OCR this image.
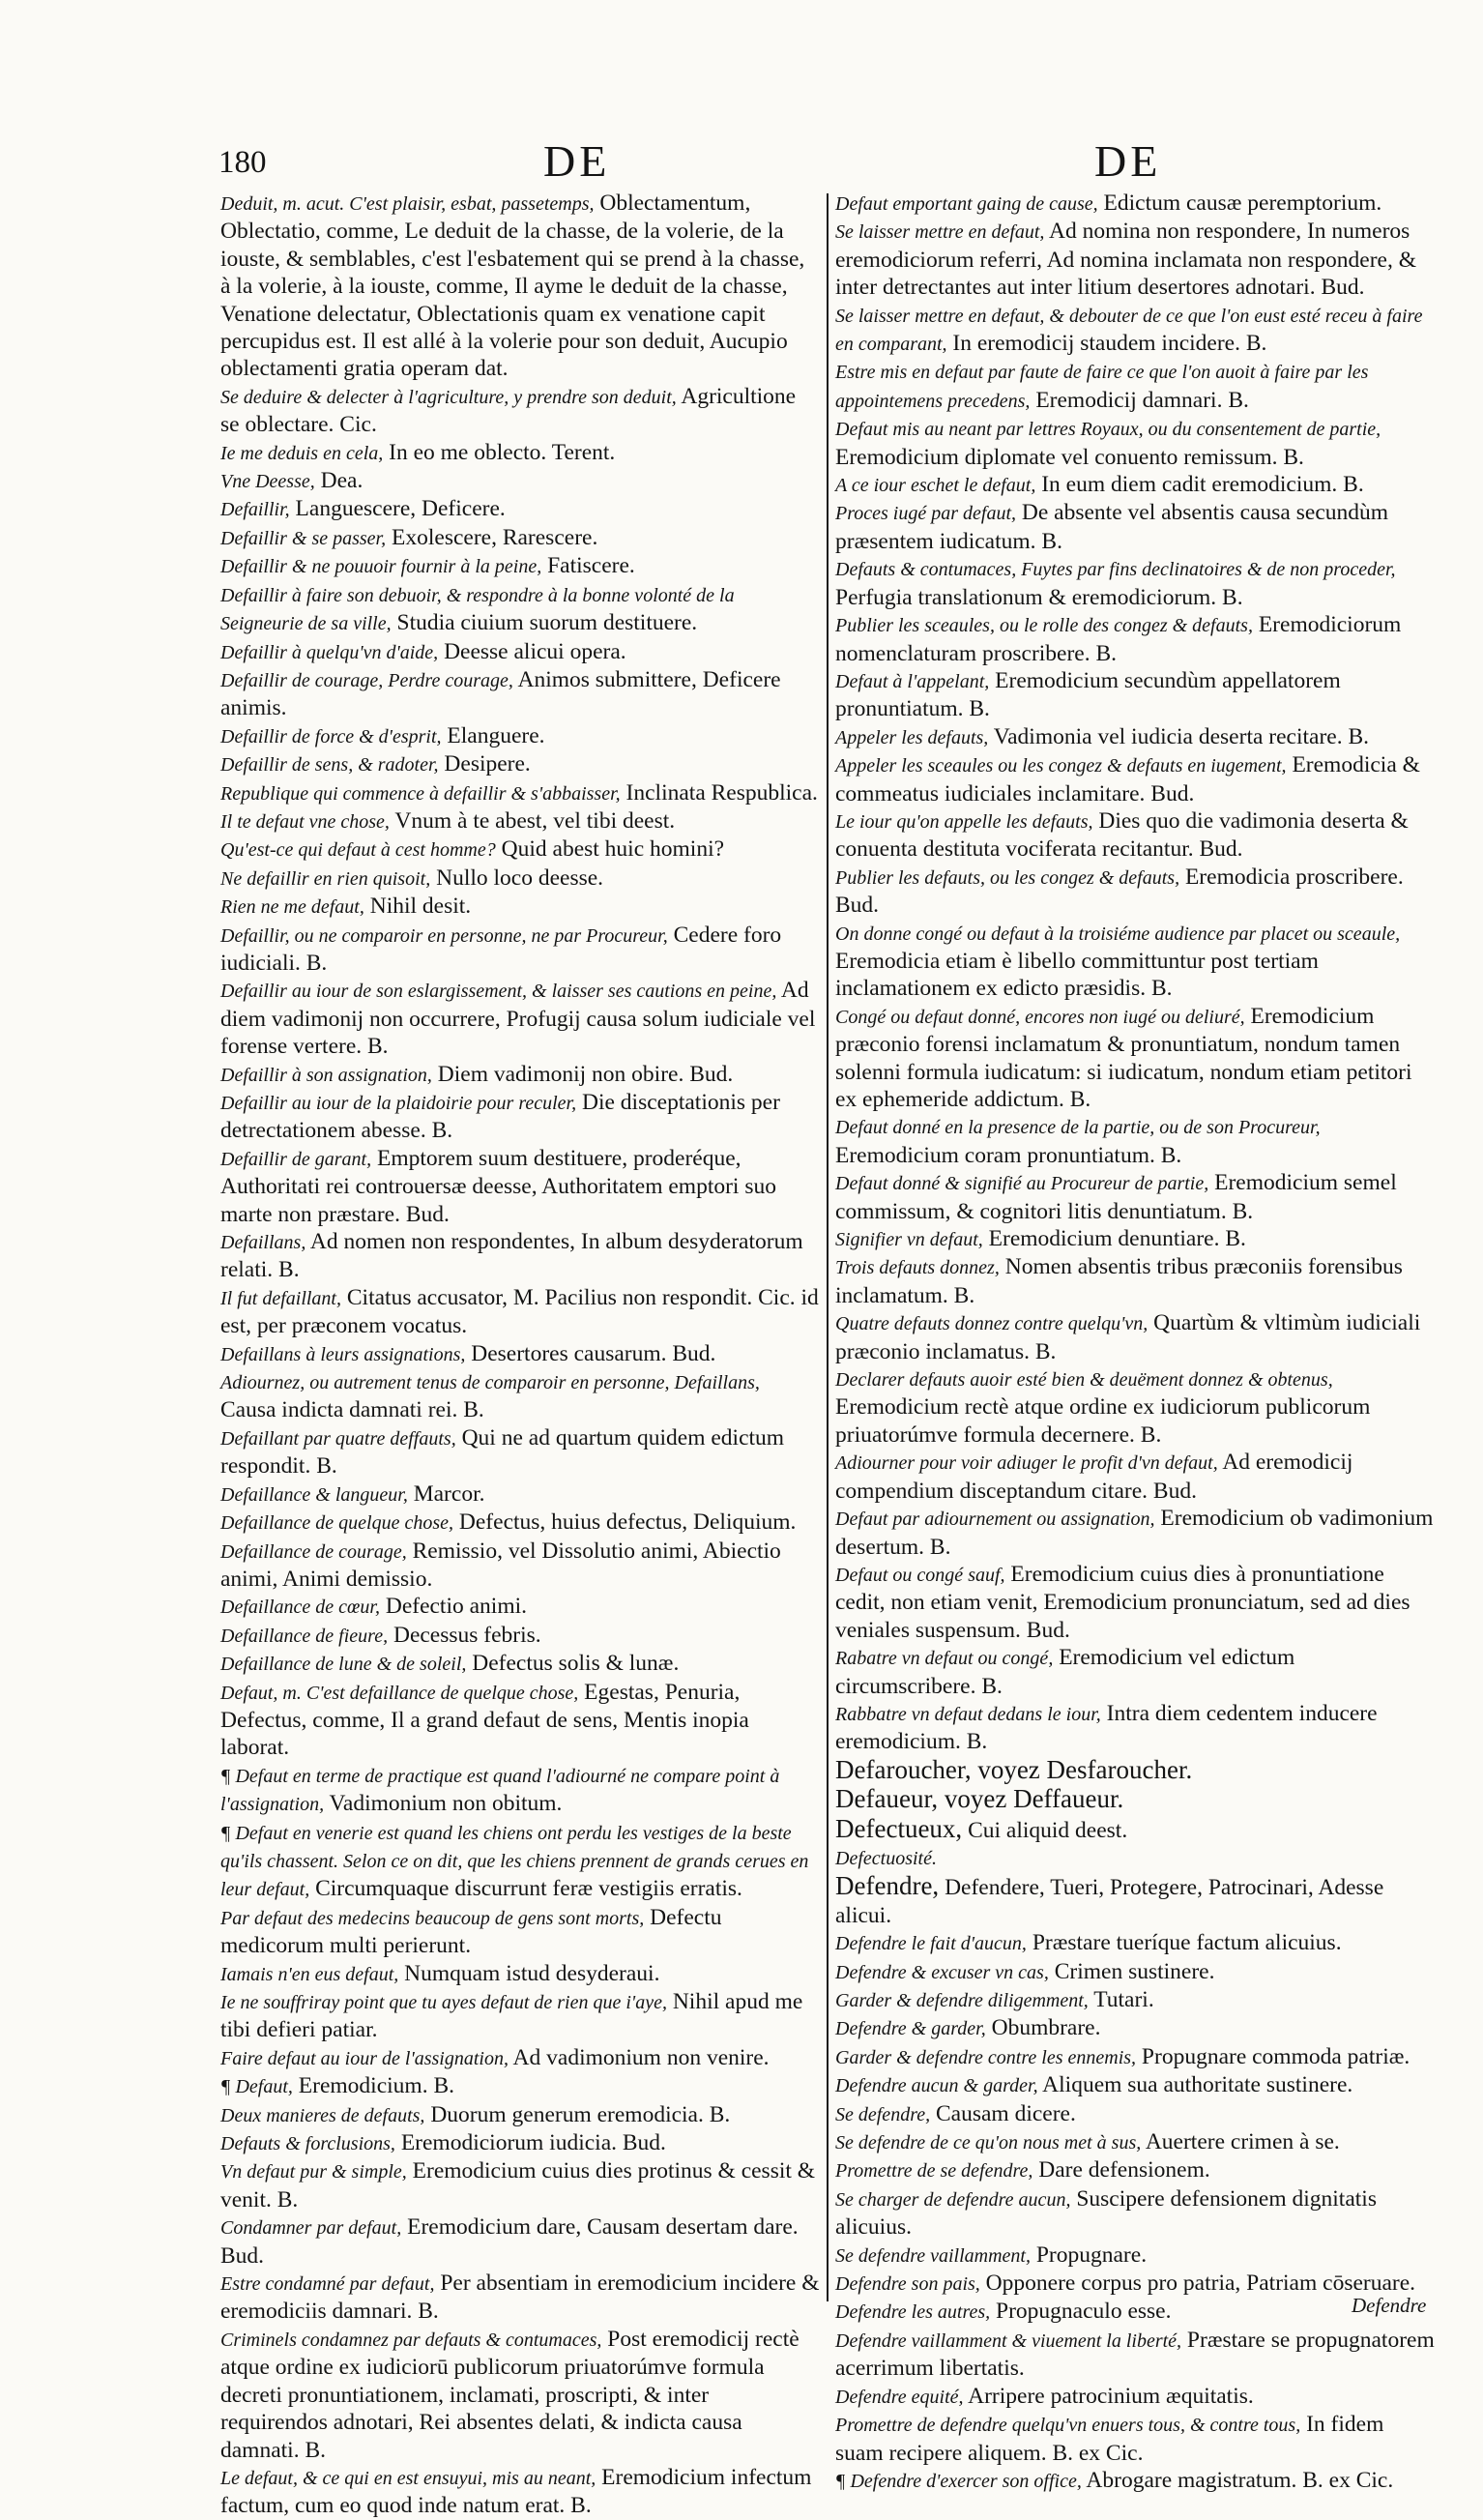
180	DE	DE
Deduit, m. acut. C'est plaisir, esbat, passetemps, Oblectamentum, Oblectatio, comme, Le deduit de la chasse, de la volerie, de la iouste, & semblables, c'est l'esbatement qui se prend à la chasse, à la volerie, à la iouste, comme, Il ayme le deduit de la chasse, Venatione delectatur, Oblectationis quam ex venatione capit percupidus est. Il est allé à la volerie pour son deduit, Aucupio oblectamenti gratia operam dat.
Se deduire & delecter à l'agriculture, y prendre son deduit, Agricultione se oblectare. Cic.
Ie me deduis en cela, In eo me oblecto. Terent.
Vne Deesse, Dea.
Defaillir, Languescere, Deficere.
Defaillir & se passer, Exolescere, Rarescere.
Defaillir & ne pouuoir fournir à la peine, Fatiscere.
Defaillir à faire son debuoir, & respondre à la bonne volonté de la Seigneurie de sa ville, Studia ciuium suorum destituere.
Defaillir à quelqu'vn d'aide, Deesse alicui opera.
Defaillir de courage, Perdre courage, Animos submittere, Deficere animis.
Defaillir de force & d'esprit, Elanguere.
Defaillir de sens, & radoter, Desipere.
Republique qui commence à defaillir & s'abbaisser, Inclinata Respublica.
Il te defaut vne chose, Vnum à te abest, vel tibi deest.
Qu'est-ce qui defaut à cest homme? Quid abest huic homini?
Ne defaillir en rien quisoit, Nullo loco deesse.
Rien ne me defaut, Nihil desit.
Defaillir, ou ne comparoir en personne, ne par Procureur, Cedere foro iudiciali. B.
Defaillir au iour de son eslargissement, & laisser ses cautions en peine, Ad diem vadimonij non occurrere, Profugij causa solum iudiciale vel forense vertere. B.
Defaillir à son assignation, Diem vadimonij non obire. Bud.
Defaillir au iour de la plaidoirie pour reculer, Die disceptationis per detrectationem abesse. B.
Defaillir de garant, Emptorem suum destituere, proderéque, Authoritati rei controuersæ deesse, Authoritatem emptori suo marte non præstare. Bud.
Defaillans, Ad nomen non respondentes, In album desyderatorum relati. B.
Il fut defaillant, Citatus accusator, M. Pacilius non respondit. Cic. id est, per præconem vocatus.
Defaillans à leurs assignations, Desertores causarum. Bud.
Adiournez, ou autrement tenus de comparoir en personne, Defaillans, Causa indicta damnati rei. B.
Defaillant par quatre deffauts, Qui ne ad quartum quidem edictum respondit. B.
Defaillance & langueur, Marcor.
Defaillance de quelque chose, Defectus, huius defectus, Deliquium.
Defaillance de courage, Remissio, vel Dissolutio animi, Abiectio animi, Animi demissio.
Defaillance de cœur, Defectio animi.
Defaillance de fieure, Decessus febris.
Defaillance de lune & de soleil, Defectus solis & lunæ.
Defaut, m. C'est defaillance de quelque chose, Egestas, Penuria, Defectus, comme, Il a grand defaut de sens, Mentis inopia laborat.
¶ Defaut en terme de practique est quand l'adiourné ne compare point à l'assignation, Vadimonium non obitum.
¶ Defaut en venerie est quand les chiens ont perdu les vestiges de la beste qu'ils chassent. Selon ce on dit, que les chiens prennent de grands cerues en leur defaut, Circumquaque discurrunt feræ vestigiis erratis.
Par defaut des medecins beaucoup de gens sont morts, Defectu medicorum multi perierunt.
Iamais n'en eus defaut, Numquam istud desyderaui.
Ie ne souffriray point que tu ayes defaut de rien que i'aye, Nihil apud me tibi defieri patiar.
Faire defaut au iour de l'assignation, Ad vadimonium non venire.
¶ Defaut, Eremodicium. B.
Deux manieres de defauts, Duorum generum eremodicia. B.
Defauts & forclusions, Eremodiciorum iudicia. Bud.
Vn defaut pur & simple, Eremodicium cuius dies protinus & cessit & venit. B.
Condamner par defaut, Eremodicium dare, Causam desertam dare. Bud.
Estre condamné par defaut, Per absentiam in eremodicium incidere & eremodiciis damnari. B.
Criminels condamnez par defauts & contumaces, Post eremodicij rectè atque ordine ex iudiciorū publicorum priuatorúmve formula decreti pronuntiationem, inclamati, proscripti, & inter requirendos adnotari, Rei absentes delati, & indicta causa damnati. B.
Le defaut, & ce qui en est ensuyui, mis au neant, Eremodicium infectum factum, cum eo quod inde natum erat. B.
Defaut emportant gaing de cause, Edictum causæ peremptorium.
Se laisser mettre en defaut, Ad nomina non respondere, In numeros eremodiciorum referri, Ad nomina inclamata non respondere, & inter detrectantes aut inter litium desertores adnotari. Bud.
Se laisser mettre en defaut, & debouter de ce que l'on eust esté receu à faire en comparant, In eremodicij staudem incidere. B.
Estre mis en defaut par faute de faire ce que l'on auoit à faire par les appointemens precedens, Eremodicij damnari. B.
Defaut mis au neant par lettres Royaux, ou du consentement de partie, Eremodicium diplomate vel conuento remissum. B.
A ce iour eschet le defaut, In eum diem cadit eremodicium. B.
Proces iugé par defaut, De absente vel absentis causa secundùm præsentem iudicatum. B.
Defauts & contumaces, Fuytes par fins declinatoires & de non proceder, Perfugia translationum & eremodiciorum. B.
Publier les sceaules, ou le rolle des congez & defauts, Eremodiciorum nomenclaturam proscribere. B.
Defaut à l'appelant, Eremodicium secundùm appellatorem pronuntiatum. B.
Appeler les defauts, Vadimonia vel iudicia deserta recitare. B.
Appeler les sceaules ou les congez & defauts en iugement, Eremodicia & commeatus iudiciales inclamitare. Bud.
Le iour qu'on appelle les defauts, Dies quo die vadimonia deserta & conuenta destituta vociferata recitantur. Bud.
Publier les defauts, ou les congez & defauts, Eremodicia proscribere. Bud.
On donne congé ou defaut à la troisiéme audience par placet ou sceaule, Eremodicia etiam è libello committuntur post tertiam inclamationem ex edicto præsidis. B.
Congé ou defaut donné, encores non iugé ou deliuré, Eremodicium præconio forensi inclamatum & pronuntiatum, nondum tamen solenni formula iudicatum: si iudicatum, nondum etiam petitori ex ephemeride addictum. B.
Defaut donné en la presence de la partie, ou de son Procureur, Eremodicium coram pronuntiatum. B.
Defaut donné & signifié au Procureur de partie, Eremodicium semel commissum, & cognitori litis denuntiatum. B.
Signifier vn defaut, Eremodicium denuntiare. B.
Trois defauts donnez, Nomen absentis tribus præconiis forensibus inclamatum. B.
Quatre defauts donnez contre quelqu'vn, Quartùm & vltimùm iudiciali præconio inclamatus. B.
Declarer defauts auoir esté bien & deuëment donnez & obtenus, Eremodicium rectè atque ordine ex iudiciorum publicorum priuatorúmve formula decernere. B.
Adiourner pour voir adiuger le profit d'vn defaut, Ad eremodicij compendium disceptandum citare. Bud.
Defaut par adiournement ou assignation, Eremodicium ob vadimonium desertum. B.
Defaut ou congé sauf, Eremodicium cuius dies à pronuntiatione cedit, non etiam venit, Eremodicium pronunciatum, sed ad dies veniales suspensum. Bud.
Rabatre vn defaut ou congé, Eremodicium vel edictum circumscribere. B.
Rabbatre vn defaut dedans le iour, Intra diem cedentem inducere eremodicium. B.
Defaroucher, voyez Desfaroucher.
Defaueur, voyez Deffaueur.
Defectueux, Cui aliquid deest.
Defectuosité.
Defendre, Defendere, Tueri, Protegere, Patrocinari, Adesse alicui.
Defendre le fait d'aucun, Præstare tueríque factum alicuius.
Defendre & excuser vn cas, Crimen sustinere.
Garder & defendre diligemment, Tutari.
Defendre & garder, Obumbrare.
Garder & defendre contre les ennemis, Propugnare commoda patriæ.
Defendre aucun & garder, Aliquem sua authoritate sustinere.
Se defendre, Causam dicere.
Se defendre de ce qu'on nous met à sus, Auertere crimen à se.
Promettre de se defendre, Dare defensionem.
Se charger de defendre aucun, Suscipere defensionem dignitatis alicuius.
Se defendre vaillamment, Propugnare.
Defendre son pais, Opponere corpus pro patria, Patriam cōseruare.
Defendre les autres, Propugnaculo esse.
Defendre vaillamment & viuement la liberté, Præstare se propugnatorem acerrimum libertatis.
Defendre equité, Arripere patrocinium æquitatis.
Promettre de defendre quelqu'vn enuers tous, & contre tous, In fidem suam recipere aliquem. B. ex Cic.
¶ Defendre d'exercer son office, Abrogare magistratum. B. ex Cic.
Defendre
